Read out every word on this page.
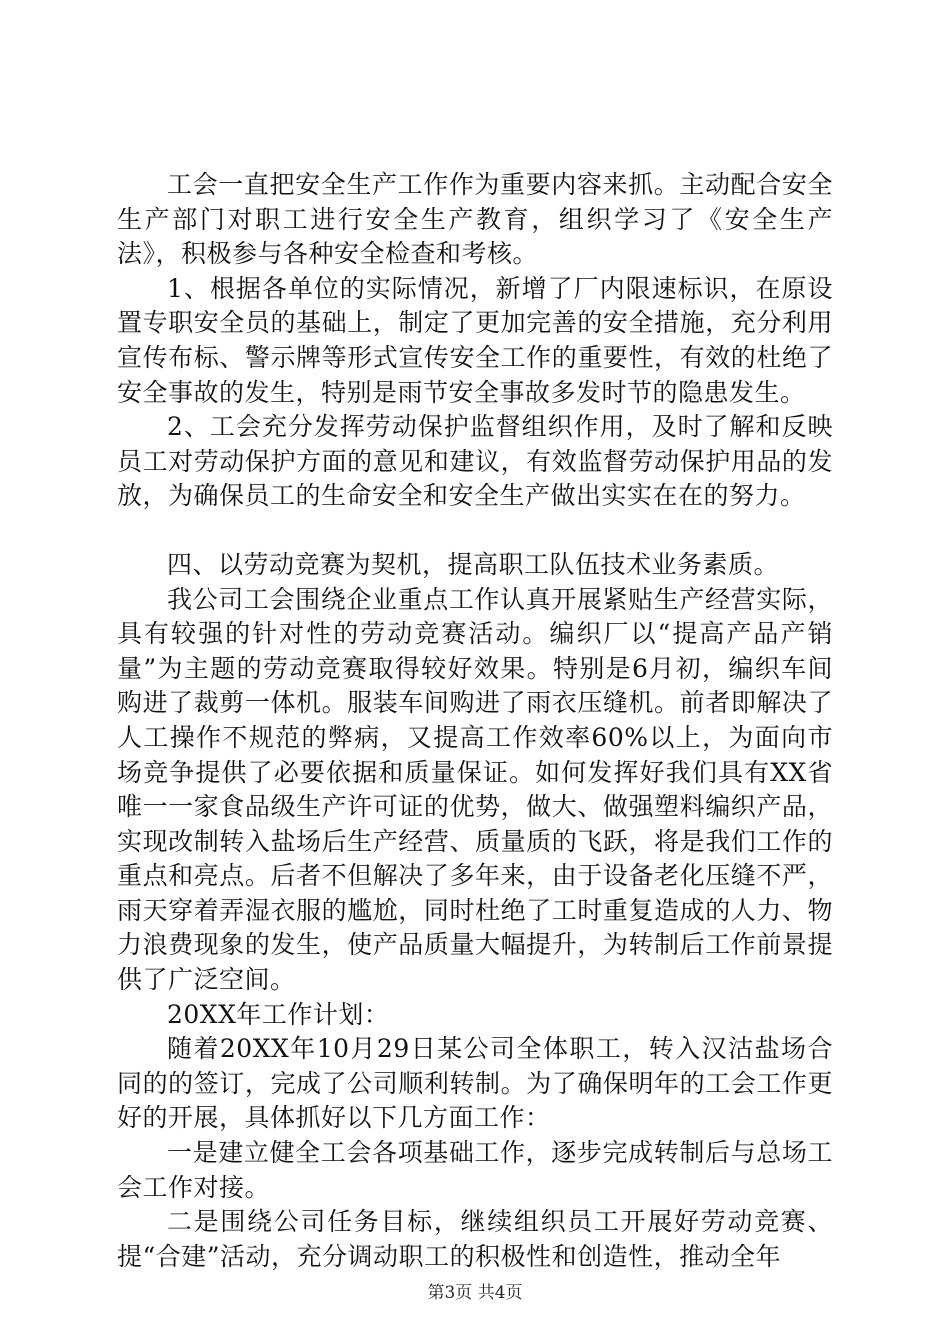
工会一直把安全生产工作作为重要内容来抓。主动配合安全生产部门对职工进行安全生产教育，组织学习了《安全生产法》，积极参与各种安全检查和考核。

1、根据各单位的实际情况，新增了厂内限速标识，在原设置专职安全员的基础上，制定了更加完善的安全措施，充分利用宣传布标、警示牌等形式宣传安全工作的重要性，有效的杜绝了安全事故的发生，特别是雨节安全事故多发时节的隐患发生。

2、工会充分发挥劳动保护监督组织作用，及时了解和反映员工对劳动保护方面的意见和建议，有效监督劳动保护用品的发放，为确保员工的生命安全和安全生产做出实实在在的努力。

四、以劳动竞赛为契机，提高职工队伍技术业务素质。

我公司工会围绕企业重点工作认真开展紧贴生产经营实际，具有较强的针对性的劳动竞赛活动。编织厂以“提高产品产销量”为主题的劳动竞赛取得较好效果。特别是6月初，编织车间购进了裁剪一体机。服装车间购进了雨衣压缝机。前者即解决了人工操作不规范的弊病，又提高工作效率60%以上，为面向市场竞争提供了必要依据和质量保证。如何发挥好我们具有XX省唯一一家食品级生产许可证的优势，做大、做强塑料编织产品，实现改制转入盐场后生产经营、质量质的飞跃，将是我们工作的重点和亮点。后者不但解决了多年来，由于设备老化压缝不严，雨天穿着弄湿衣服的尴尬，同时杜绝了工时重复造成的人力、物力浪费现象的发生，使产品质量大幅提升，为转制后工作前景提供了广泛空间。

20XX年工作计划：

随着20XX年10月29日某公司全体职工，转入汉沽盐场合同的的签订，完成了公司顺利转制。为了确保明年的工会工作更好的开展，具体抓好以下几方面工作：

一是建立健全工会各项基础工作，逐步完成转制后与总场工会工作对接。

二是围绕公司任务目标，继续组织员工开展好劳动竞赛、提“合建”活动，充分调动职工的积极性和创造性，推动全年

第3页 共4页
